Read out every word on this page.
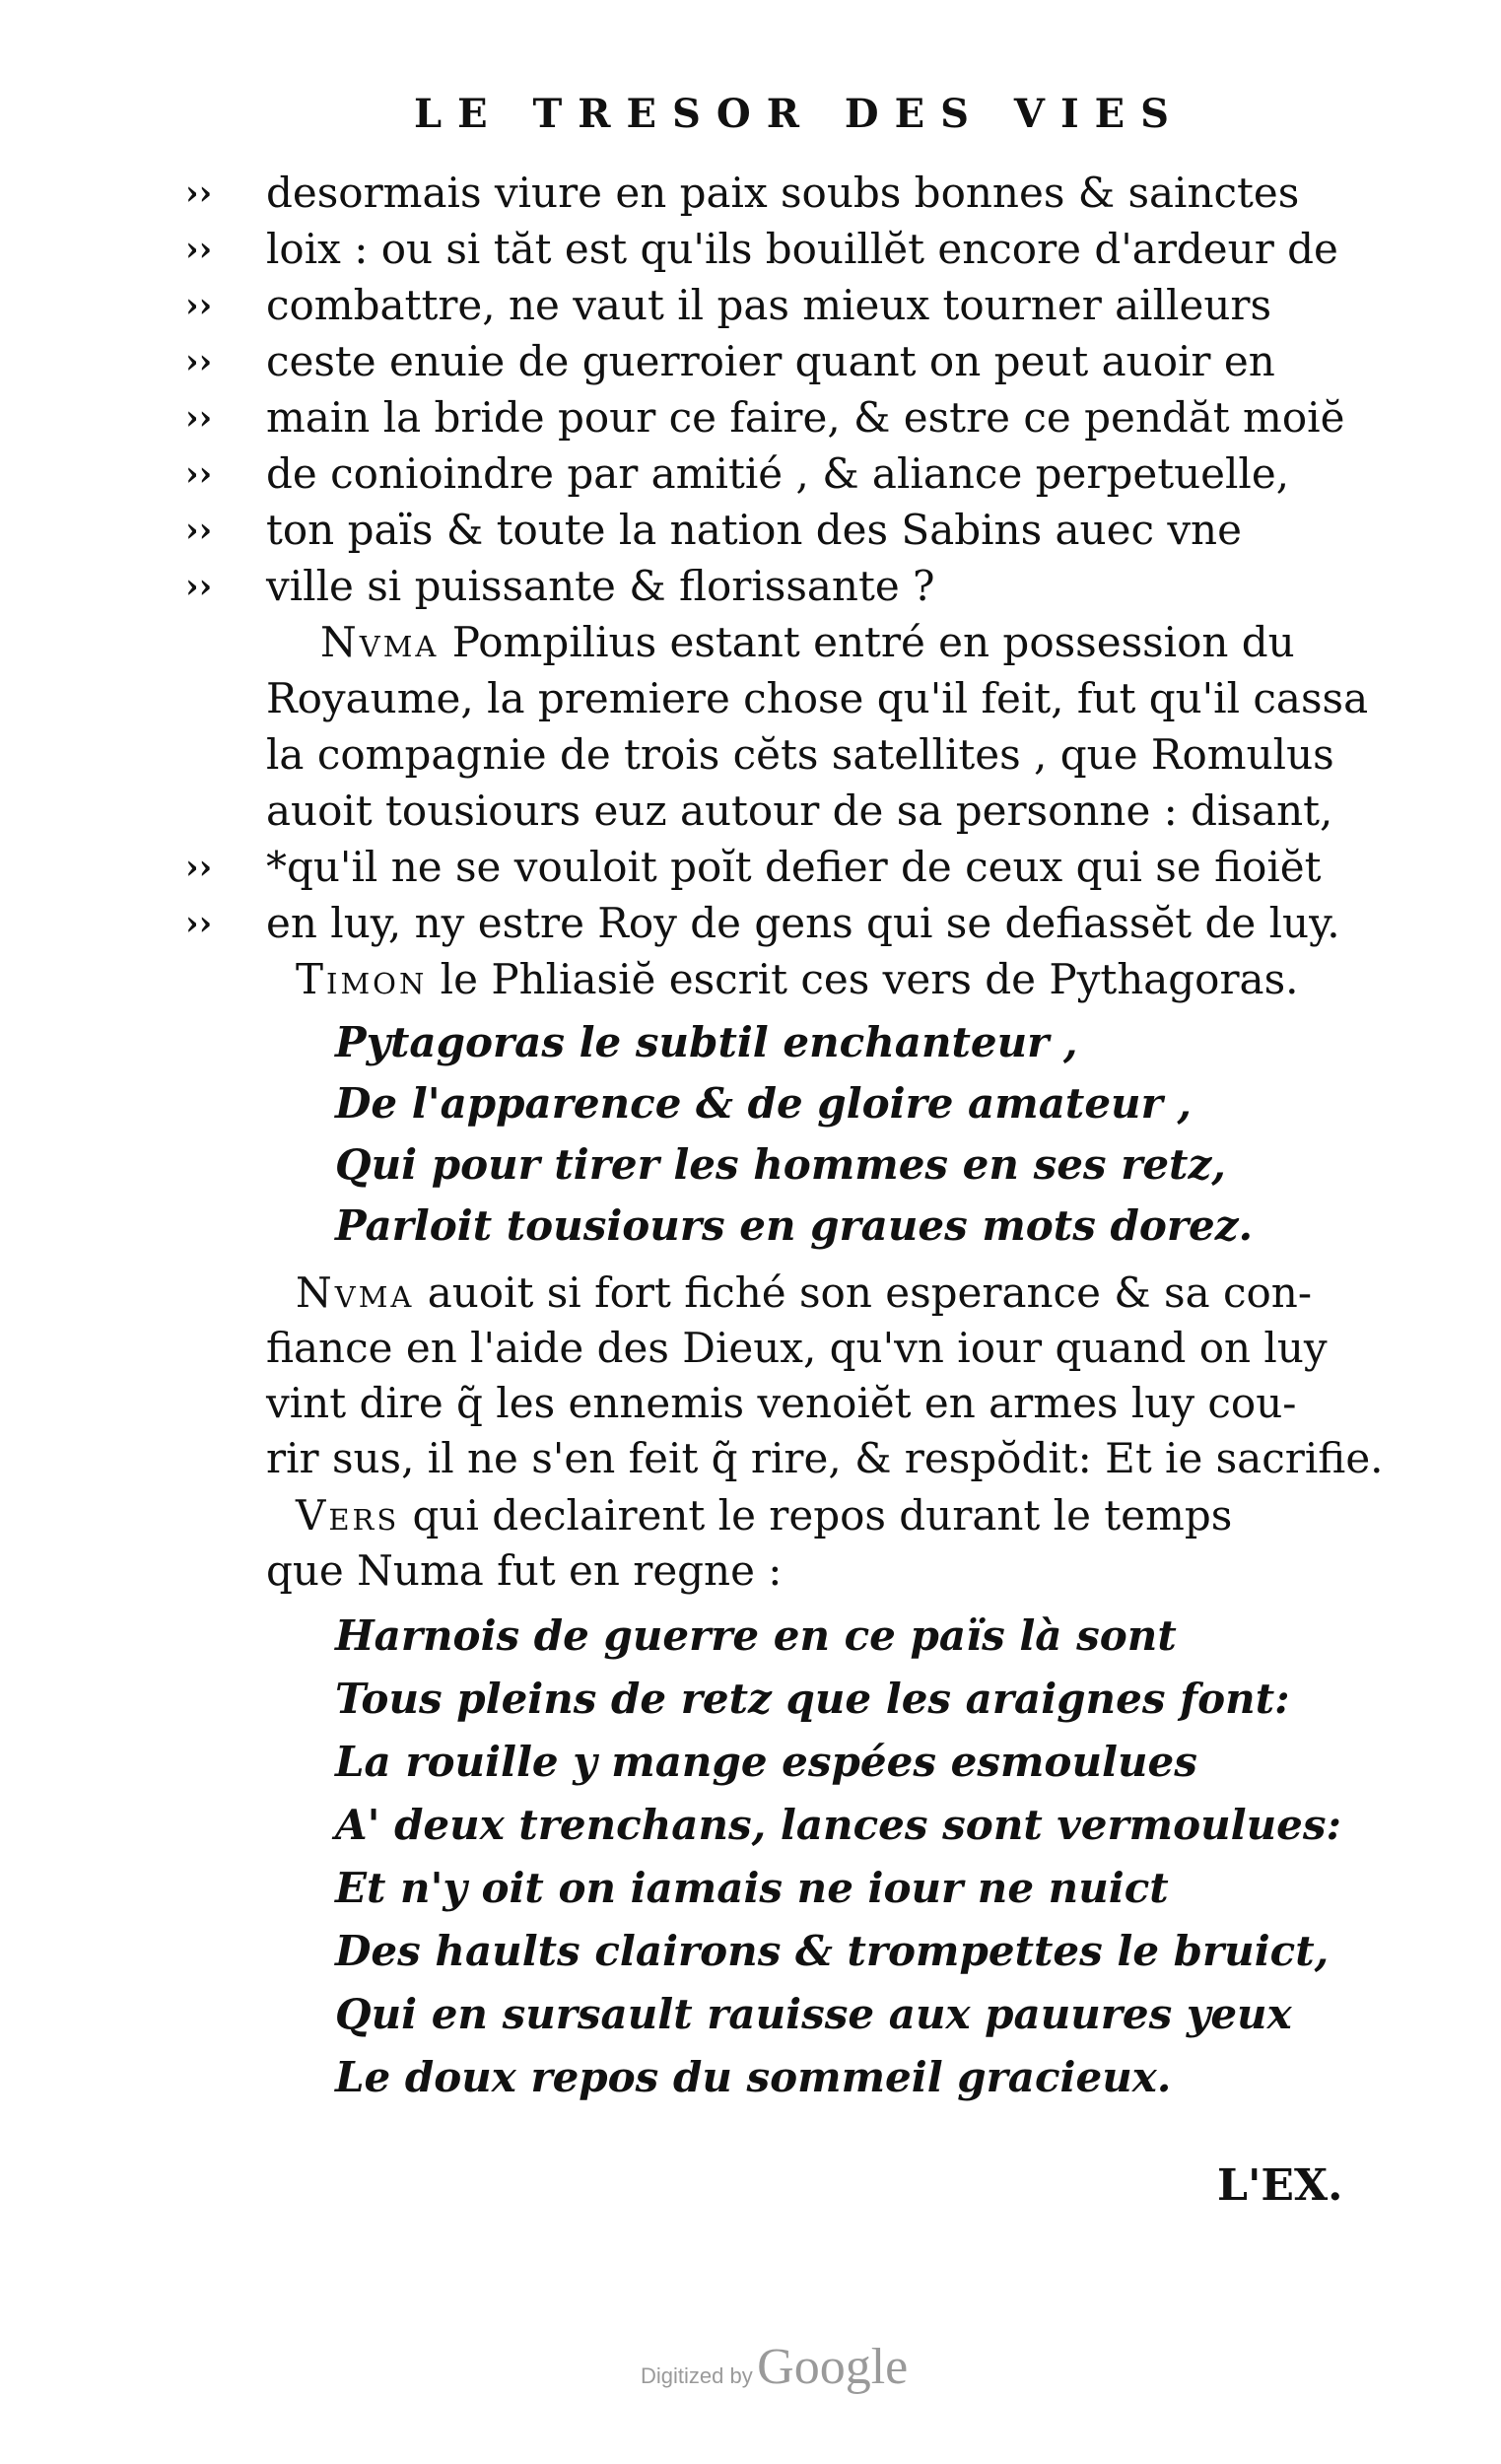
LE TRESOR DES VIES
››
››
››
››
››
››
››
››
››
››
desormais viure en paix soubs bonnes & sainctes
loix : ou si tăt est qu'ils bouillĕt encore d'ardeur de
combattre, ne vaut il pas mieux tourner ailleurs
ceste enuie de guerroier quant on peut auoir en
main la bride pour ce faire, & estre ce pendăt moiĕ
de conioindre par amitié , & aliance perpetuelle,
ton païs & toute la nation des Sabins auec vne
ville si puissante & florissante ?
Nvma Pompilius estant entré en possession du
Royaume, la premiere chose qu'il feit, fut qu'il cassa
la compagnie de trois cĕts satellites , que Romulus
auoit tousiours euz autour de sa personne : disant,
*qu'il ne se vouloit poĭt defier de ceux qui se fioiĕt
en luy, ny estre Roy de gens qui se defiassĕt de luy.
Timon le Phliasiĕ escrit ces vers de Pythagoras.
Pytagoras le subtil enchanteur ,
De l'apparence & de gloire amateur ,
Qui pour tirer les hommes en ses retz,
Parloit tousiours en graues mots dorez.
Nvma auoit si fort fiché son esperance & sa con-
fiance en l'aide des Dieux, qu'vn iour quand on luy
vint dire q̃ les ennemis venoiĕt en armes luy cou-
rir sus, il ne s'en feit q̃ rire, & respŏdit: Et ie sacrifie.
Vers qui declairent le repos durant le temps
que Numa fut en regne :
Harnois de guerre en ce païs là sont
Tous pleins de retz que les araignes font:
La rouille y mange espées esmoulues
A' deux trenchans, lances sont vermoulues:
Et n'y oit on iamais ne iour ne nuict
Des haults clairons & trompettes le bruict,
Qui en sursault rauisse aux pauures yeux
Le doux repos du sommeil gracieux.
L'EX.
Digitized by Google
